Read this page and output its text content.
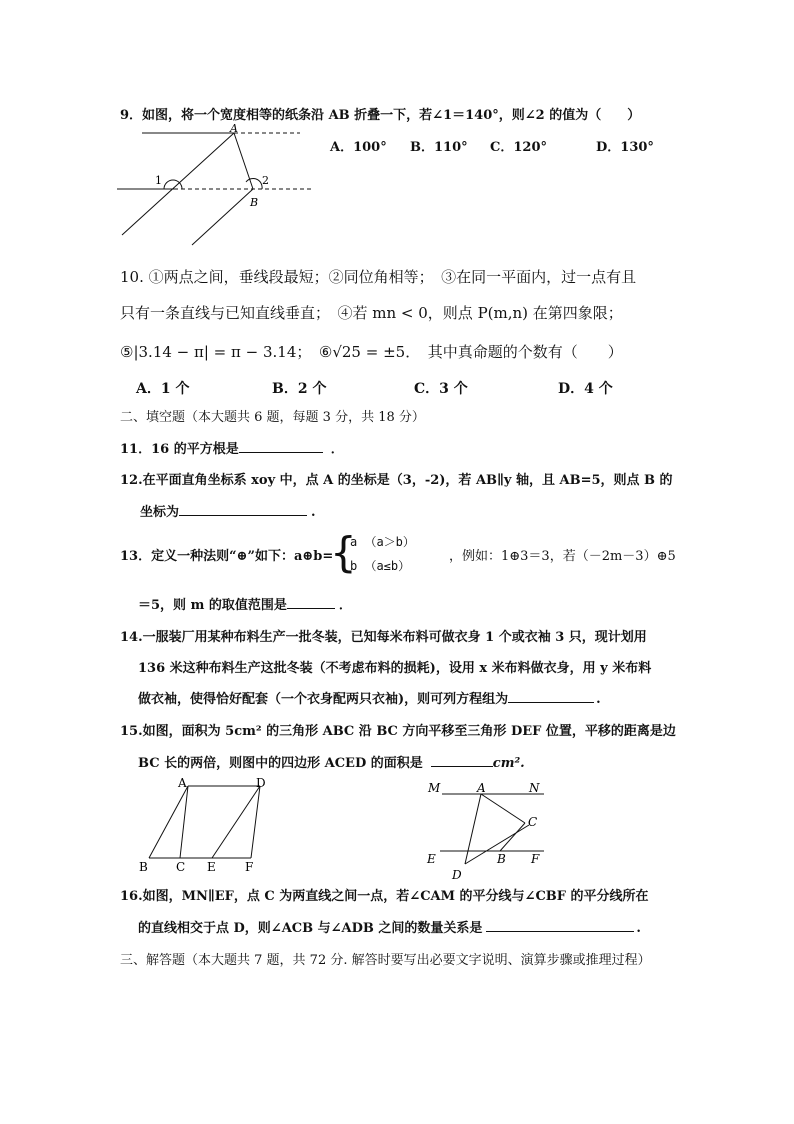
9．如图，将一个宽度相等的纸条沿 AB 折叠一下，若∠1＝140°，则∠2 的值为（　　）
A．100° B．110° C．120°	D．130°
A
B
1	2
10. ①两点之间，垂线段最短；②同位角相等；　③在同一平面内，过一点有且
只有一条直线与已知直线垂直；　④若 mn < 0，则点 P(m,n) 在第四象限；
⑤|3.14 − π| = π − 3.14；　⑥√25 = ±5．　其中真命题的个数有（　　）
A．1 个	B．2 个	C．3 个	D．4 个
二、填空题（本大题共 6 题，每题 3 分，共 18 分）
11．16 的平方根是	．
12.在平面直角坐标系 xoy 中，点 A 的坐标是（3，-2)，若 AB∥y 轴，且 AB=5，则点 B 的
坐标为	.
13．定义一种法则“⊕”如下：a⊕b=
{
a （a＞b）
b （a≤b）
，例如：1⊕3＝3，若（－2m－3）⊕5
＝5，则 m 的取值范围是	．
14.一服装厂用某种布料生产一批冬装，已知每米布料可做衣身 1 个或衣袖 3 只，现计划用
136 米这种布料生产这批冬装（不考虑布料的损耗)，设用 x 米布料做衣身，用 y 米布料
做衣袖，使得恰好配套（一个衣身配两只衣袖)，则可列方程组为	.
15.如图，面积为 5cm² 的三角形 ABC 沿 BC 方向平移至三角形 DEF 位置，平移的距离是边
BC 长的两倍，则图中的四边形 ACED 的面积是	cm².
A	D
B C E F
M	A	N
C
E	B F
D
16.如图，MN∥EF，点 C 为两直线之间一点，若∠CAM 的平分线与∠CBF 的平分线所在
的直线相交于点 D，则∠ACB 与∠ADB 之间的数量关系是	.
三、解答题（本大题共 7 题，共 72 分. 解答时要写出必要文字说明、演算步骤或推理过程）
